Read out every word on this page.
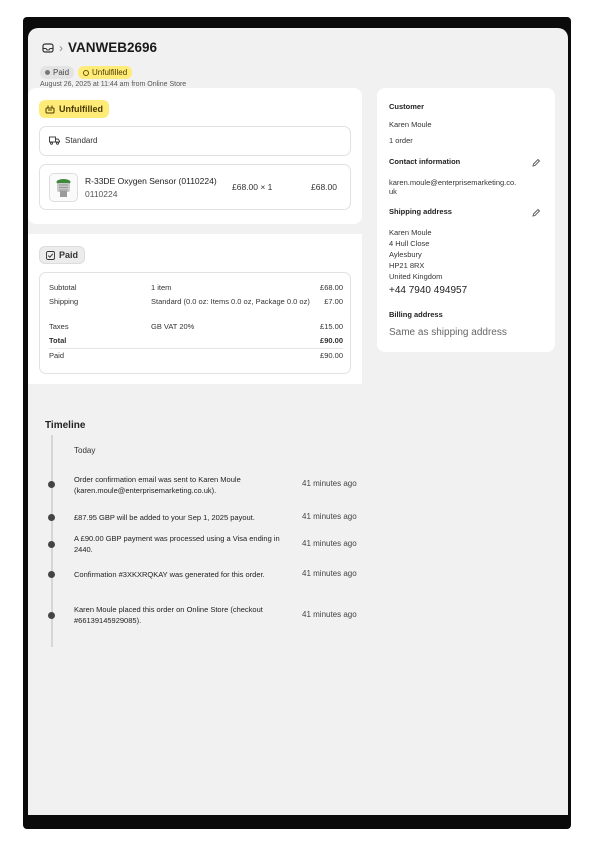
› VANWEB2696
Paid	Unfulfilled
August 26, 2025 at 11:44 am from Online Store
Unfulfilled
Standard
R-33DE Oxygen Sensor (0110224)
0110224
£68.00 × 1	£68.00
Paid
Subtotal	1 item	£68.00
Shipping	Standard (0.0 oz: Items 0.0 oz, Package 0.0 oz)	£7.00
Taxes	GB VAT 20%	£15.00
Total	£90.00
Paid	£90.00
Customer
Karen Moule
1 order
Contact information
karen.moule@enterprisemarketing.co.
uk
Shipping address
Karen Moule
4 Hull Close
Aylesbury
HP21 8RX
United Kingdom
+44 7940 494957
Billing address
Same as shipping address
Timeline
Today
Order confirmation email was sent to Karen Moule (karen.moule@enterprisemarketing.co.uk).
41 minutes ago
£87.95 GBP will be added to your Sep 1, 2025 payout.	41 minutes ago
A £90.00 GBP payment was processed using a Visa ending in 2440.
41 minutes ago
Confirmation #3XKXRQKAY was generated for this order.	41 minutes ago
Karen Moule placed this order on Online Store (checkout #66139145929085).
41 minutes ago
